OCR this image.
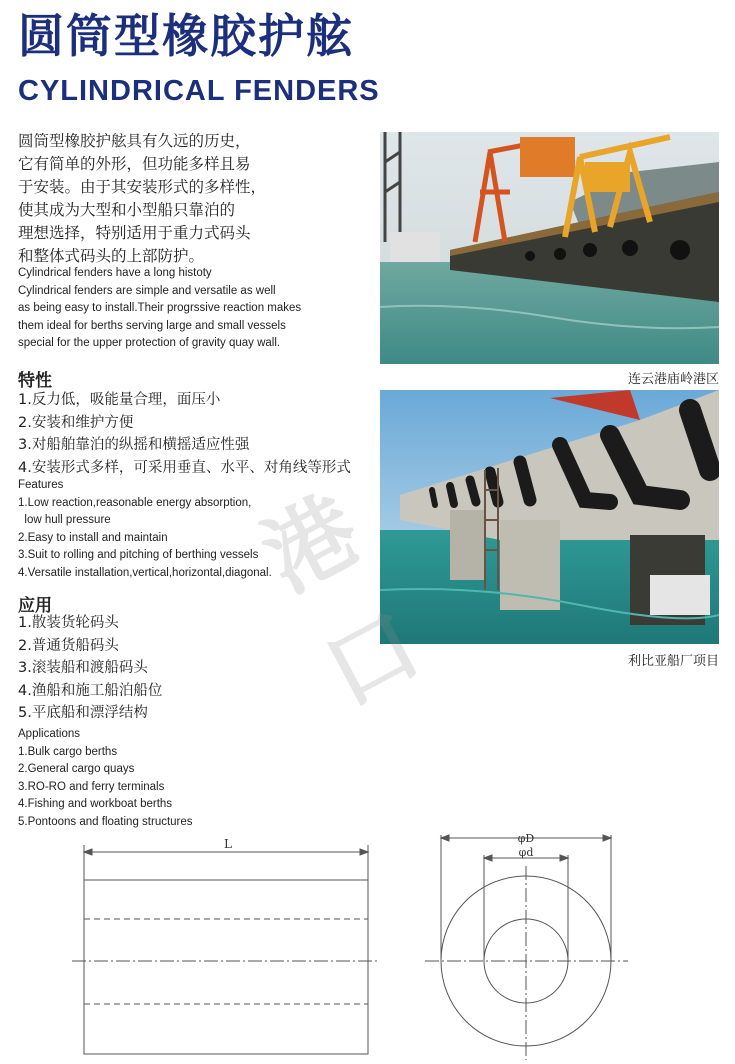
圆筒型橡胶护舷
CYLINDRICAL FENDERS
圆筒型橡胶护舷具有久远的历史，
它有简单的外形，但功能多样且易
于安装。由于其安装形式的多样性，
使其成为大型和小型船只靠泊的
理想选择，特别适用于重力式码头
和整体式码头的上部防护。
Cylindrical fenders have a long histoty
Cylindrical fenders are simple and versatile as well
as being easy to install.Their progrssive reaction makes
them ideal for berths serving large and small vessels
special for the upper protection of gravity quay wall.
特性
1.反力低，吸能量合理，面压小
2.安装和维护方便
3.对船舶靠泊的纵摇和横摇适应性强
4.安装形式多样，可采用垂直、水平、对角线等形式
Features
1.Low reaction,reasonable energy absorption,
low hull pressure
2.Easy to install and maintain
3.Suit to rolling and pitching of berthing vessels
4.Versatile installation,vertical,horizontal,diagonal.
应用
1.散装货轮码头
2.普通货船码头
3.滚装船和渡船码头
4.渔船和施工船泊船位
5.平底船和漂浮结构
Applications
1.Bulk cargo berths
2.General cargo quays
3.RO-RO and ferry terminals
4.Fishing and workboat berths
5.Pontoons and floating structures
连云港庙岭港区
利比亚船厂项目
港 口
L	φD
φd
